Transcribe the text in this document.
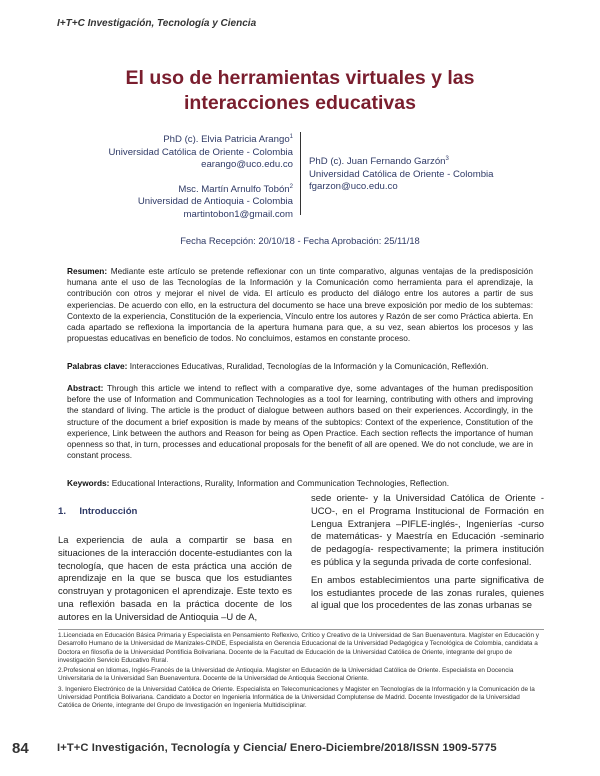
I+T+C Investigación, Tecnología y Ciencia
El uso de herramientas virtuales y las interacciones educativas
PhD (c). Elvia Patricia Arango$^1$
Universidad Católica de Oriente - Colombia
earango@uco.edu.co
Msc. Martín Arnulfo Tobón$^2$
Universidad de Antioquia - Colombia
martintobon1@gmail.com
PhD (c). Juan Fernando Garzón$^3$
Universidad Católica de Oriente - Colombia
fgarzon@uco.edu.co
Fecha Recepción: 20/10/18 - Fecha Aprobación: 25/11/18
Resumen: Mediante este artículo se pretende reflexionar con un tinte comparativo, algunas ventajas de la predisposición humana ante el uso de las Tecnologías de la Información y la Comunicación como herramienta para el aprendizaje, la contribución con otros y mejorar el nivel de vida. El artículo es producto del diálogo entre los autores a partir de sus experiencias. De acuerdo con ello, en la estructura del documento se hace una breve exposición por medio de los subtemas: Contexto de la experiencia, Constitución de la experiencia, Vínculo entre los autores y Razón de ser como Práctica abierta. En cada apartado se reflexiona la importancia de la apertura humana para que, a su vez, sean abiertos los procesos y las propuestas educativas en beneficio de todos. No concluimos, estamos en constante proceso.
Palabras clave: Interacciones Educativas, Ruralidad, Tecnologías de la Información y la Comunicación, Reflexión.
Abstract: Through this article we intend to reflect with a comparative dye, some advantages of the human predisposition before the use of Information and Communication Technologies as a tool for learning, contributing with others and improving the standard of living. The article is the product of dialogue between authors based on their experiences. Accordingly, in the structure of the document a brief exposition is made by means of the subtopics: Context of the experience, Constitution of the experience, Link between the authors and Reason for being as Open Practice. Each section reflects the importance of human openness so that, in turn, processes and educational proposals for the benefit of all are opened. We do not conclude, we are in constant process.
Keywords: Educational Interactions, Rurality, Information and Communication Technologies, Reflection.
1.     Introducción

La experiencia de aula a compartir se basa en situaciones de la interacción docente-estudiantes con la tecnología, que hacen de esta práctica una acción de aprendizaje en la que se busca que los estudiantes construyan y protagonicen el aprendizaje. Este texto es una reflexión basada en la práctica docente de los autores en la Universidad de Antioquia –U de A,

sede oriente- y la Universidad Católica de Oriente -UCO-, en el Programa Institucional de Formación en Lengua Extranjera –PIFLE-inglés-, Ingenierías -curso de matemáticas- y Maestría en Educación -seminario de pedagogía- respectivamente; la primera institución es pública y la segunda privada de corte confesional.

En ambos establecimientos una parte significativa de los estudiantes procede de las zonas rurales, quienes al igual que los procedentes de las zonas urbanas se

1.Licenciada en Educación Básica Primaria y Especialista en Pensamiento Reflexivo, Crítico y Creativo de la Universidad de San Buenaventura. Magíster en Educación y Desarrollo Humano de la Universidad de Manizales-CINDE, Especialista en Gerencia Educacional de la Universidad Pedagógica y Tecnológica de Colombia, candidata a Doctora en filosofía de la Universidad Pontificia Bolivariana. Docente de la Facultad de Educación de la Universidad Católica de Oriente, integrante del grupo de investigación Servicio Educativo Rural.

2.Profesional en Idiomas, Inglés-Francés de la Universidad de Antioquia. Magister en Educación de la Universidad Católica de Oriente. Especialista en Docencia Universitaria de la Universidad San Buenaventura. Docente de la Universidad de Antioquia Seccional Oriente.

3. Ingeniero Electrónico de la Universidad Católica de Oriente. Especialista en Telecomunicaciones y Magister en Tecnologías de la Información y la Comunicación de la Universidad Pontificia Bolivariana. Candidato a Doctor en Ingeniería Informática de la Universidad Complutense de Madrid. Docente Investigador de la Universidad Católica de Oriente, integrante del Grupo de Investigación en Ingeniería Multidisciplinar.

84	I+T+C Investigación, Tecnología y Ciencia/ Enero-Diciembre/2018/ISSN 1909-5775
